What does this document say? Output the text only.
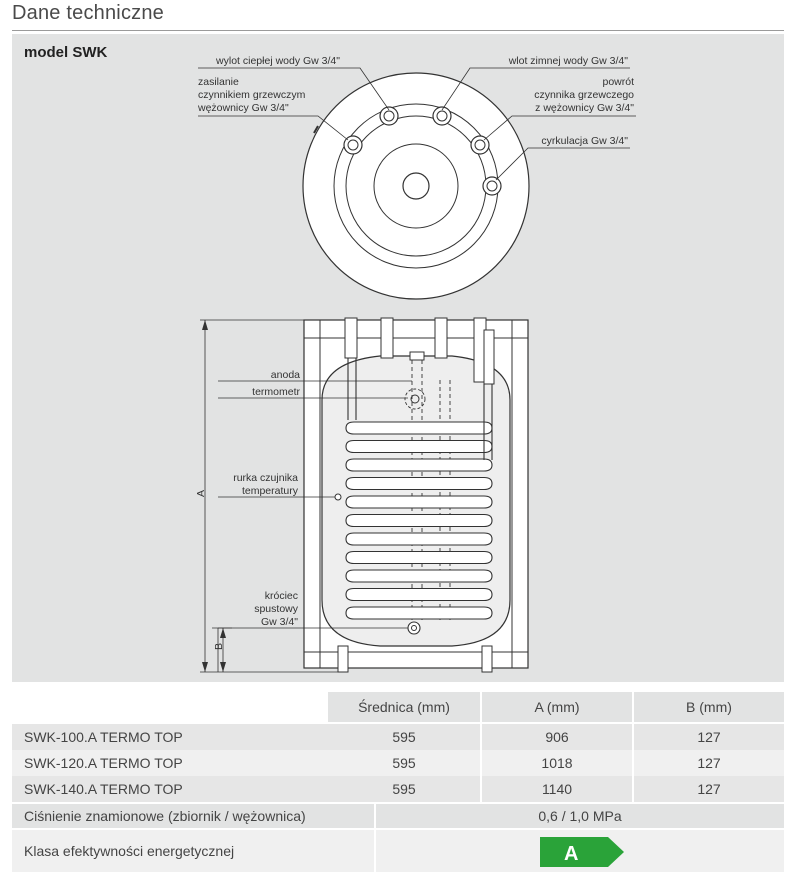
Dane techniczne
model SWK	wylot ciepłej wody Gw 3/4"
zasilanie
czynnikiem grzewczym
wężownicy Gw 3/4"
wlot zimnej wody Gw 3/4"
powrót
czynnika grzewczego
z wężownicy Gw 3/4"
cyrkulacja Gw 3/4"
anoda
termometr
rurka czujnika
temperatury
króciec
spustowy
Gw 3/4"
A
B
Średnica (mm)	A (mm)	B (mm)
SWK-100.A TERMO TOP	595	906	127
SWK-120.A TERMO TOP	595	1018	127
SWK-140.A TERMO TOP	595	1140	127
Ciśnienie znamionowe (zbiornik / wężownica)	0,6 / 1,0 MPa
Klasa efektywności energetycznej	A
